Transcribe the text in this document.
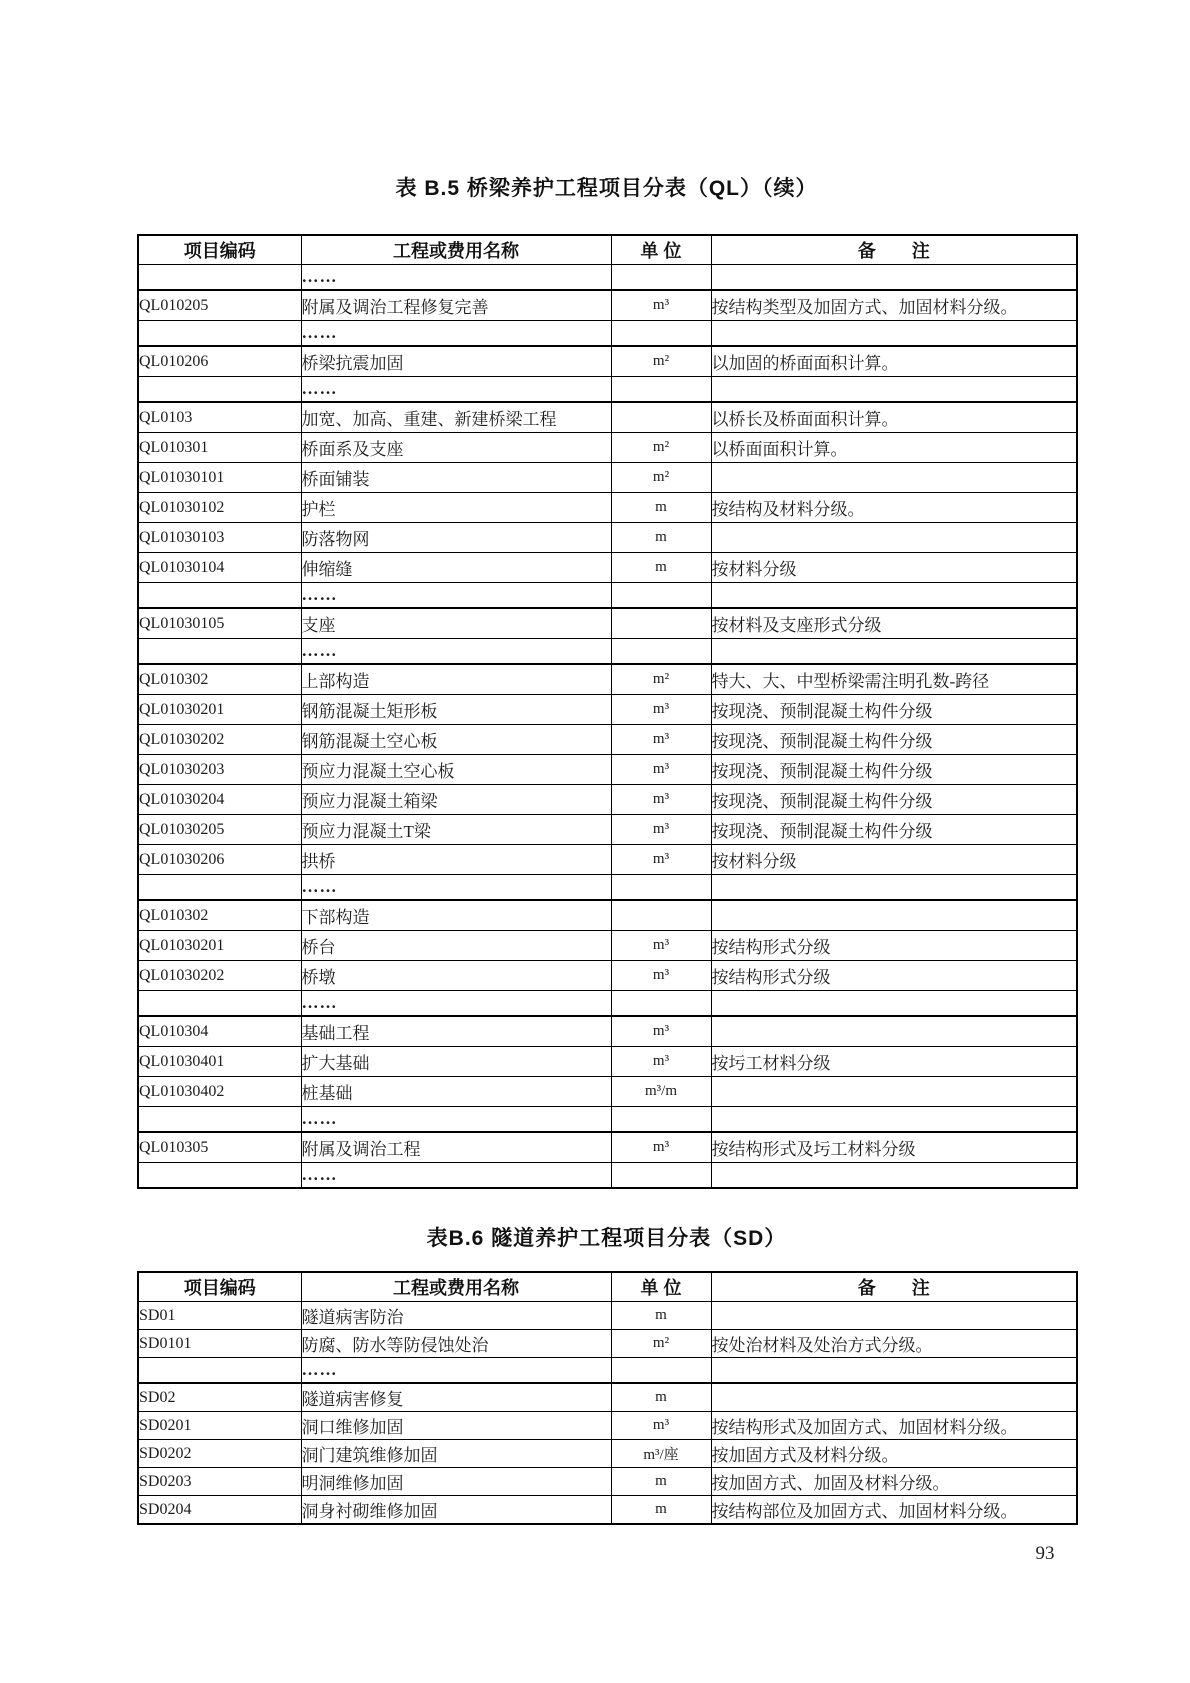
表 B.5 桥梁养护工程项目分表（QL）（续）
项目编码	工程或费用名称	单 位	备　　注
	……		
QL010205	附属及调治工程修复完善	m³	按结构类型及加固方式、加固材料分级。
	……		
QL010206	桥梁抗震加固	m²	以加固的桥面面积计算。
	……		
QL0103	加宽、加高、重建、新建桥梁工程		以桥长及桥面面积计算。
QL010301	桥面系及支座	m²	以桥面面积计算。
QL01030101	桥面铺装	m²	
QL01030102	护栏	m	按结构及材料分级。
QL01030103	防落物网	m	
QL01030104	伸缩缝	m	按材料分级
	……		
QL01030105	支座		按材料及支座形式分级
	……		
QL010302	上部构造	m²	特大、大、中型桥梁需注明孔数-跨径
QL01030201	钢筋混凝土矩形板	m³	按现浇、预制混凝土构件分级
QL01030202	钢筋混凝土空心板	m³	按现浇、预制混凝土构件分级
QL01030203	预应力混凝土空心板	m³	按现浇、预制混凝土构件分级
QL01030204	预应力混凝土箱梁	m³	按现浇、预制混凝土构件分级
QL01030205	预应力混凝土T梁	m³	按现浇、预制混凝土构件分级
QL01030206	拱桥	m³	按材料分级
	……		
QL010302	下部构造		
QL01030201	桥台	m³	按结构形式分级
QL01030202	桥墩	m³	按结构形式分级
	……		
QL010304	基础工程	m³	
QL01030401	扩大基础	m³	按圬工材料分级
QL01030402	桩基础	m³/m	
	……		
QL010305	附属及调治工程	m³	按结构形式及圬工材料分级
	……		
表B.6 隧道养护工程项目分表（SD）
项目编码	工程或费用名称	单 位	备　　注
SD01	隧道病害防治	m	
SD0101	防腐、防水等防侵蚀处治	m²	按处治材料及处治方式分级。
	……		
SD02	隧道病害修复	m	
SD0201	洞口维修加固	m³	按结构形式及加固方式、加固材料分级。
SD0202	洞门建筑维修加固	m³/座	按加固方式及材料分级。
SD0203	明洞维修加固	m	按加固方式、加固及材料分级。
SD0204	洞身衬砌维修加固	m	按结构部位及加固方式、加固材料分级。
93
